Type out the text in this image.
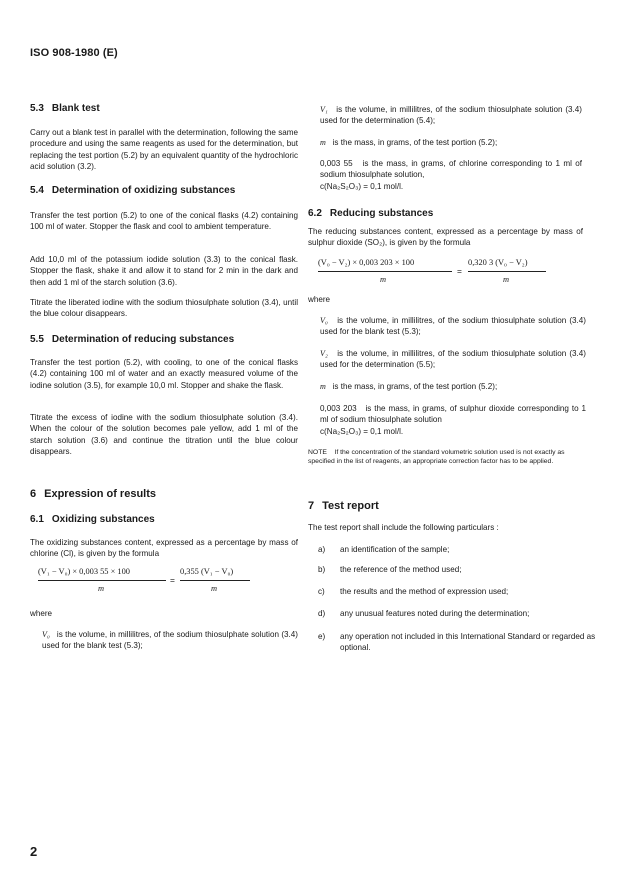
ISO 908-1980 (E)
5.3 Blank test

Carry out a blank test in parallel with the determination, following the same procedure and using the same reagents as used for the determination, but replacing the test portion (5.2) by an equivalent quantity of the hydrochloric acid solution (3.2).

5.4 Determination of oxidizing substances

Transfer the test portion (5.2) to one of the conical flasks (4.2) containing 100 ml of water. Stopper the flask and cool to ambient temperature.

Add 10,0 ml of the potassium iodide solution (3.3) to the conical flask. Stopper the flask, shake it and allow it to stand for 2 min in the dark and then add 1 ml of the starch solution (3.6).

Titrate the liberated iodine with the sodium thiosulphate solution (3.4), until the blue colour disappears.

5.5 Determination of reducing substances

Transfer the test portion (5.2), with cooling, to one of the conical flasks (4.2) containing 100 ml of water and an exactly measured volume of the iodine solution (3.5), for example 10,0 ml. Stopper and shake the flask.

Titrate the excess of iodine with the sodium thiosulphate solution (3.4). When the colour of the solution becomes pale yellow, add 1 ml of the starch solution (3.6) and continue the titration until the blue colour disappears.

6 Expression of results
6.1 Oxidizing substances

The oxidizing substances content, expressed as a percentage by mass of chlorine (Cl), is given by the formula

(V₁ − V₀) × 0,003 55 × 100
m
=
0,355 (V₁ − V₀)
m
where
V₀ is the volume, in millilitres, of the sodium thiosulphate solution (3.4) used for the blank test (5.3);
V₁ is the volume, in millilitres, of the sodium thiosulphate solution (3.4) used for the determination (5.4);
m is the mass, in grams, of the test portion (5.2);
0,003 55 is the mass, in grams, of chlorine corresponding to 1 ml of sodium thiosulphate solution,
c(Na₂S₂O₃) = 0,1 mol/l.
6.2 Reducing substances

The reducing substances content, expressed as a percentage by mass of sulphur dioxide (SO₂), is given by the formula

(V₀ − V₂) × 0,003 203 × 100
m
=
0,320 3 (V₀ − V₂)
m
where
V₀ is the volume, in millilitres, of the sodium thiosulphate solution (3.4) used for the blank test (5.3);
V₂ is the volume, in millilitres, of the sodium thiosulphate solution (3.4) used for the determination (5.5);
m is the mass, in grams, of the test portion (5.2);
0,003 203 is the mass, in grams, of sulphur dioxide corresponding to 1 ml of sodium thiosulphate solution
c(Na₂S₂O₃) = 0,1 mol/l.
NOTE If the concentration of the standard volumetric solution used is not exactly as specified in the list of reagents, an appropriate correction factor has to be applied.
7 Test report

The test report shall include the following particulars :

a) an identification of the sample;
b) the reference of the method used;
c) the results and the method of expression used;
d) any unusual features noted during the determination;
e) any operation not included in this International Standard or regarded as optional.
2
